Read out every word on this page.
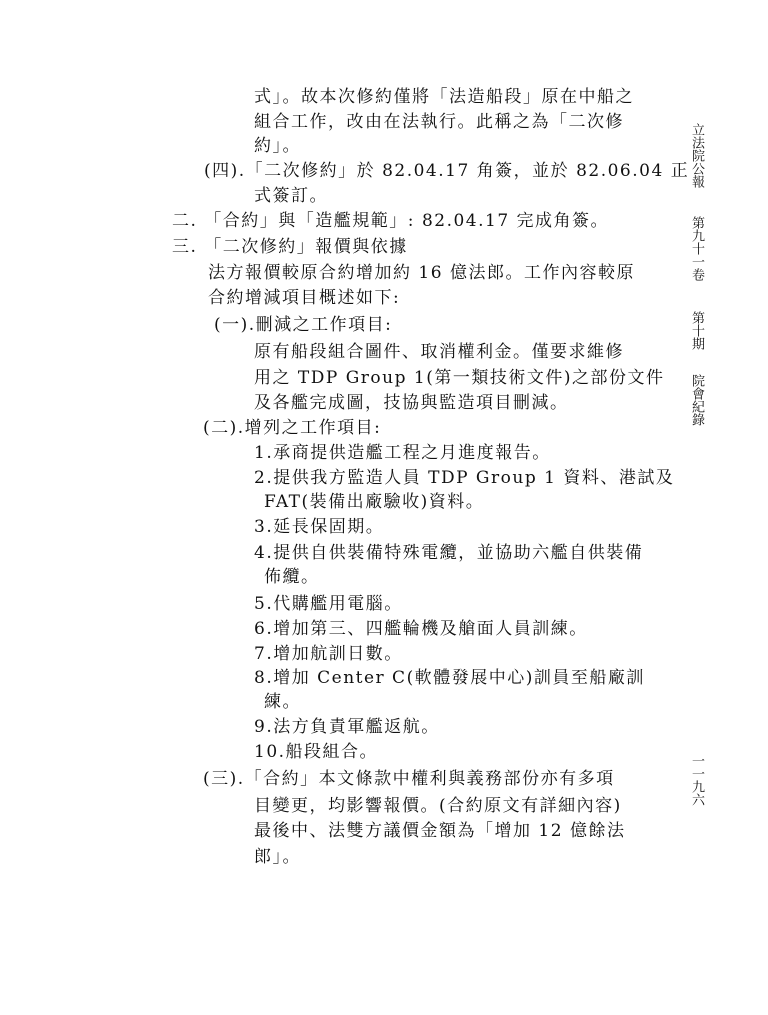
式」。故本次修約僅將「法造船段」原在中船之
組合工作，改由在法執行。此稱之為「二次修
約」。
(四).「二次修約」於 82.04.17 角簽，並於 82.06.04 正
式簽訂。
二. 「合約」與「造艦規範」: 82.04.17 完成角簽。
三. 「二次修約」報價與依據
法方報價較原合約增加約 16 億法郎。工作內容較原
合約增減項目概述如下:
(一).刪減之工作項目:
原有船段組合圖件、取消權利金。僅要求維修
用之 TDP Group 1(第一類技術文件)之部份文件
及各艦完成圖，技協與監造項目刪減。
(二).增列之工作項目:
1.承商提供造艦工程之月進度報告。
2.提供我方監造人員 TDP Group 1 資料、港試及
FAT(裝備出廠驗收)資料。
3.延長保固期。
4.提供自供裝備特殊電纜，並協助六艦自供裝備
佈纜。
5.代購艦用電腦。
6.增加第三、四艦輪機及艙面人員訓練。
7.增加航訓日數。
8.增加 Center C(軟體發展中心)訓員至船廠訓
練。
9.法方負責軍艦返航。
10.船段組合。
(三).「合約」本文條款中權利與義務部份亦有多項
目變更，均影響報價。(合約原文有詳細內容)
最後中、法雙方議價金額為「增加 12 億餘法
郎」。
立法院公報
第九十一卷
第十期
院會紀錄
一一九六
